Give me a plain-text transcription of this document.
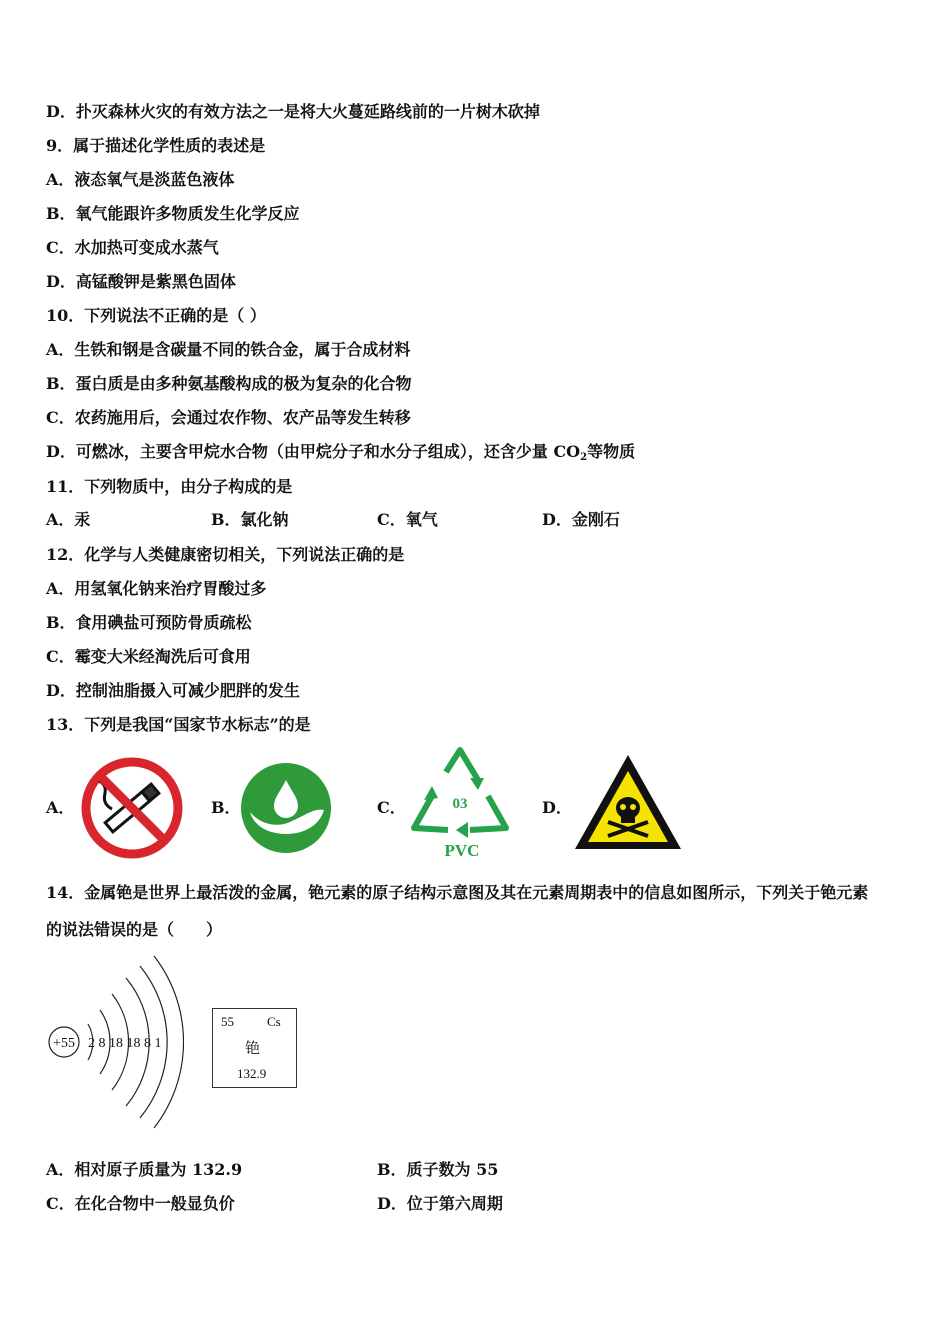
D．扑灭森林火灾的有效方法之一是将大火蔓延路线前的一片树木砍掉
9．属于描述化学性质的表述是
A．液态氧气是淡蓝色液体
B．氧气能跟许多物质发生化学反应
C．水加热可变成水蒸气
D．高锰酸钾是紫黑色固体
10．下列说法不正确的是（ ）
A．生铁和钢是含碳量不同的铁合金，属于合成材料
B．蛋白质是由多种氨基酸构成的极为复杂的化合物
C．农药施用后，会通过农作物、农产品等发生转移
D．可燃冰，主要含甲烷水合物（由甲烷分子和水分子组成），还含少量 $CO_2$等物质
11．下列物质中，由分子构成的是
A．汞	B．氯化钠	C．氧气	D．金刚石
12．化学与人类健康密切相关，下列说法正确的是
A．用氢氧化钠来治疗胃酸过多
B．食用碘盐可预防骨质疏松
C．霉变大米经淘洗后可食用
D．控制油脂摄入可减少肥胖的发生
13．下列是我国“国家节水标志”的是
A．	B．	C．	D．
03
PVC
14．金属铯是世界上最活泼的金属，铯元素的原子结构示意图及其在元素周期表中的信息如图所示，下列关于铯元素
的说法错误的是（　　）
+55 2 8 18 18 8 1
55	Cs
铯
132.9
A．相对原子质量为 132.9	B．质子数为 55
C．在化合物中一般显负价	D．位于第六周期
